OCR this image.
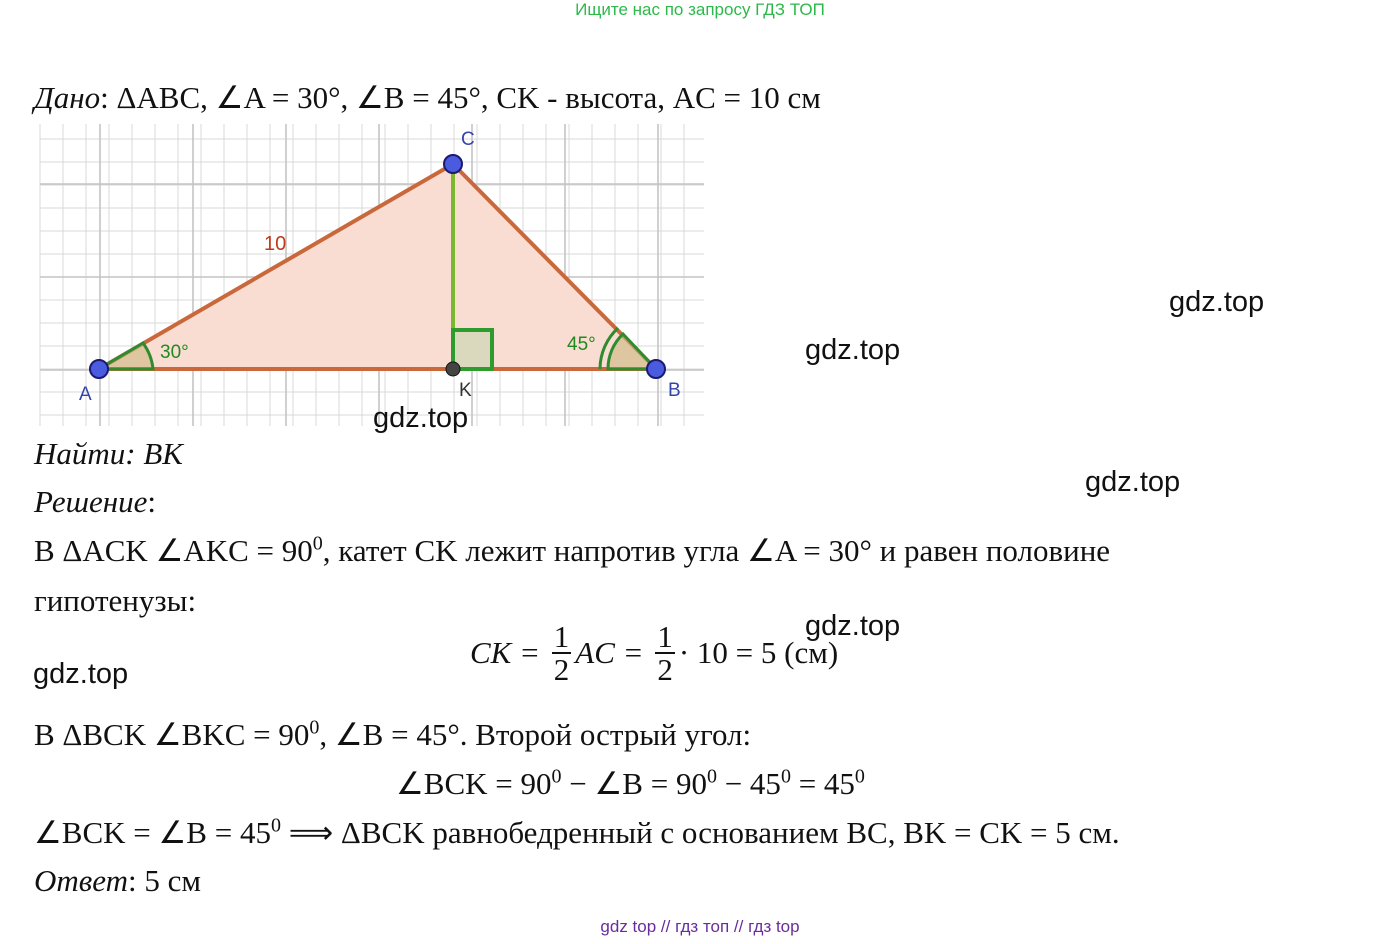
Ищите нас по запросу ГДЗ ТОП
Дано: ΔABC, ∠A = 30°, ∠B = 45°, CK - высота, AC = 10 см
10
30°	45°
A
C
B
K
Найти: BK
Решение:
В ΔACK ∠AKC = $90^0$, катет CK лежит напротив угла ∠A = 30° и равен половине
гипотенузы:
CK = $\frac{1}{2}$ AC = $\frac{1}{2} \cdot 10 = 5$ (см)
В ΔBCK ∠BKC = $90^0$, ∠B = 45°. Второй острый угол:
∠BCK = $90^0$ − ∠B = $90^0 - 45^0 = 45^0$
∠BCK = ∠B = $45^0$ ⟹ ΔBCK равнобедренный с основанием BC, BK = CK = 5 см.
Ответ: 5 см
gdz.top
gdz.top
gdz.top
gdz.top
gdz.top
gdz.top
gdz top // гдз топ // гдз top
